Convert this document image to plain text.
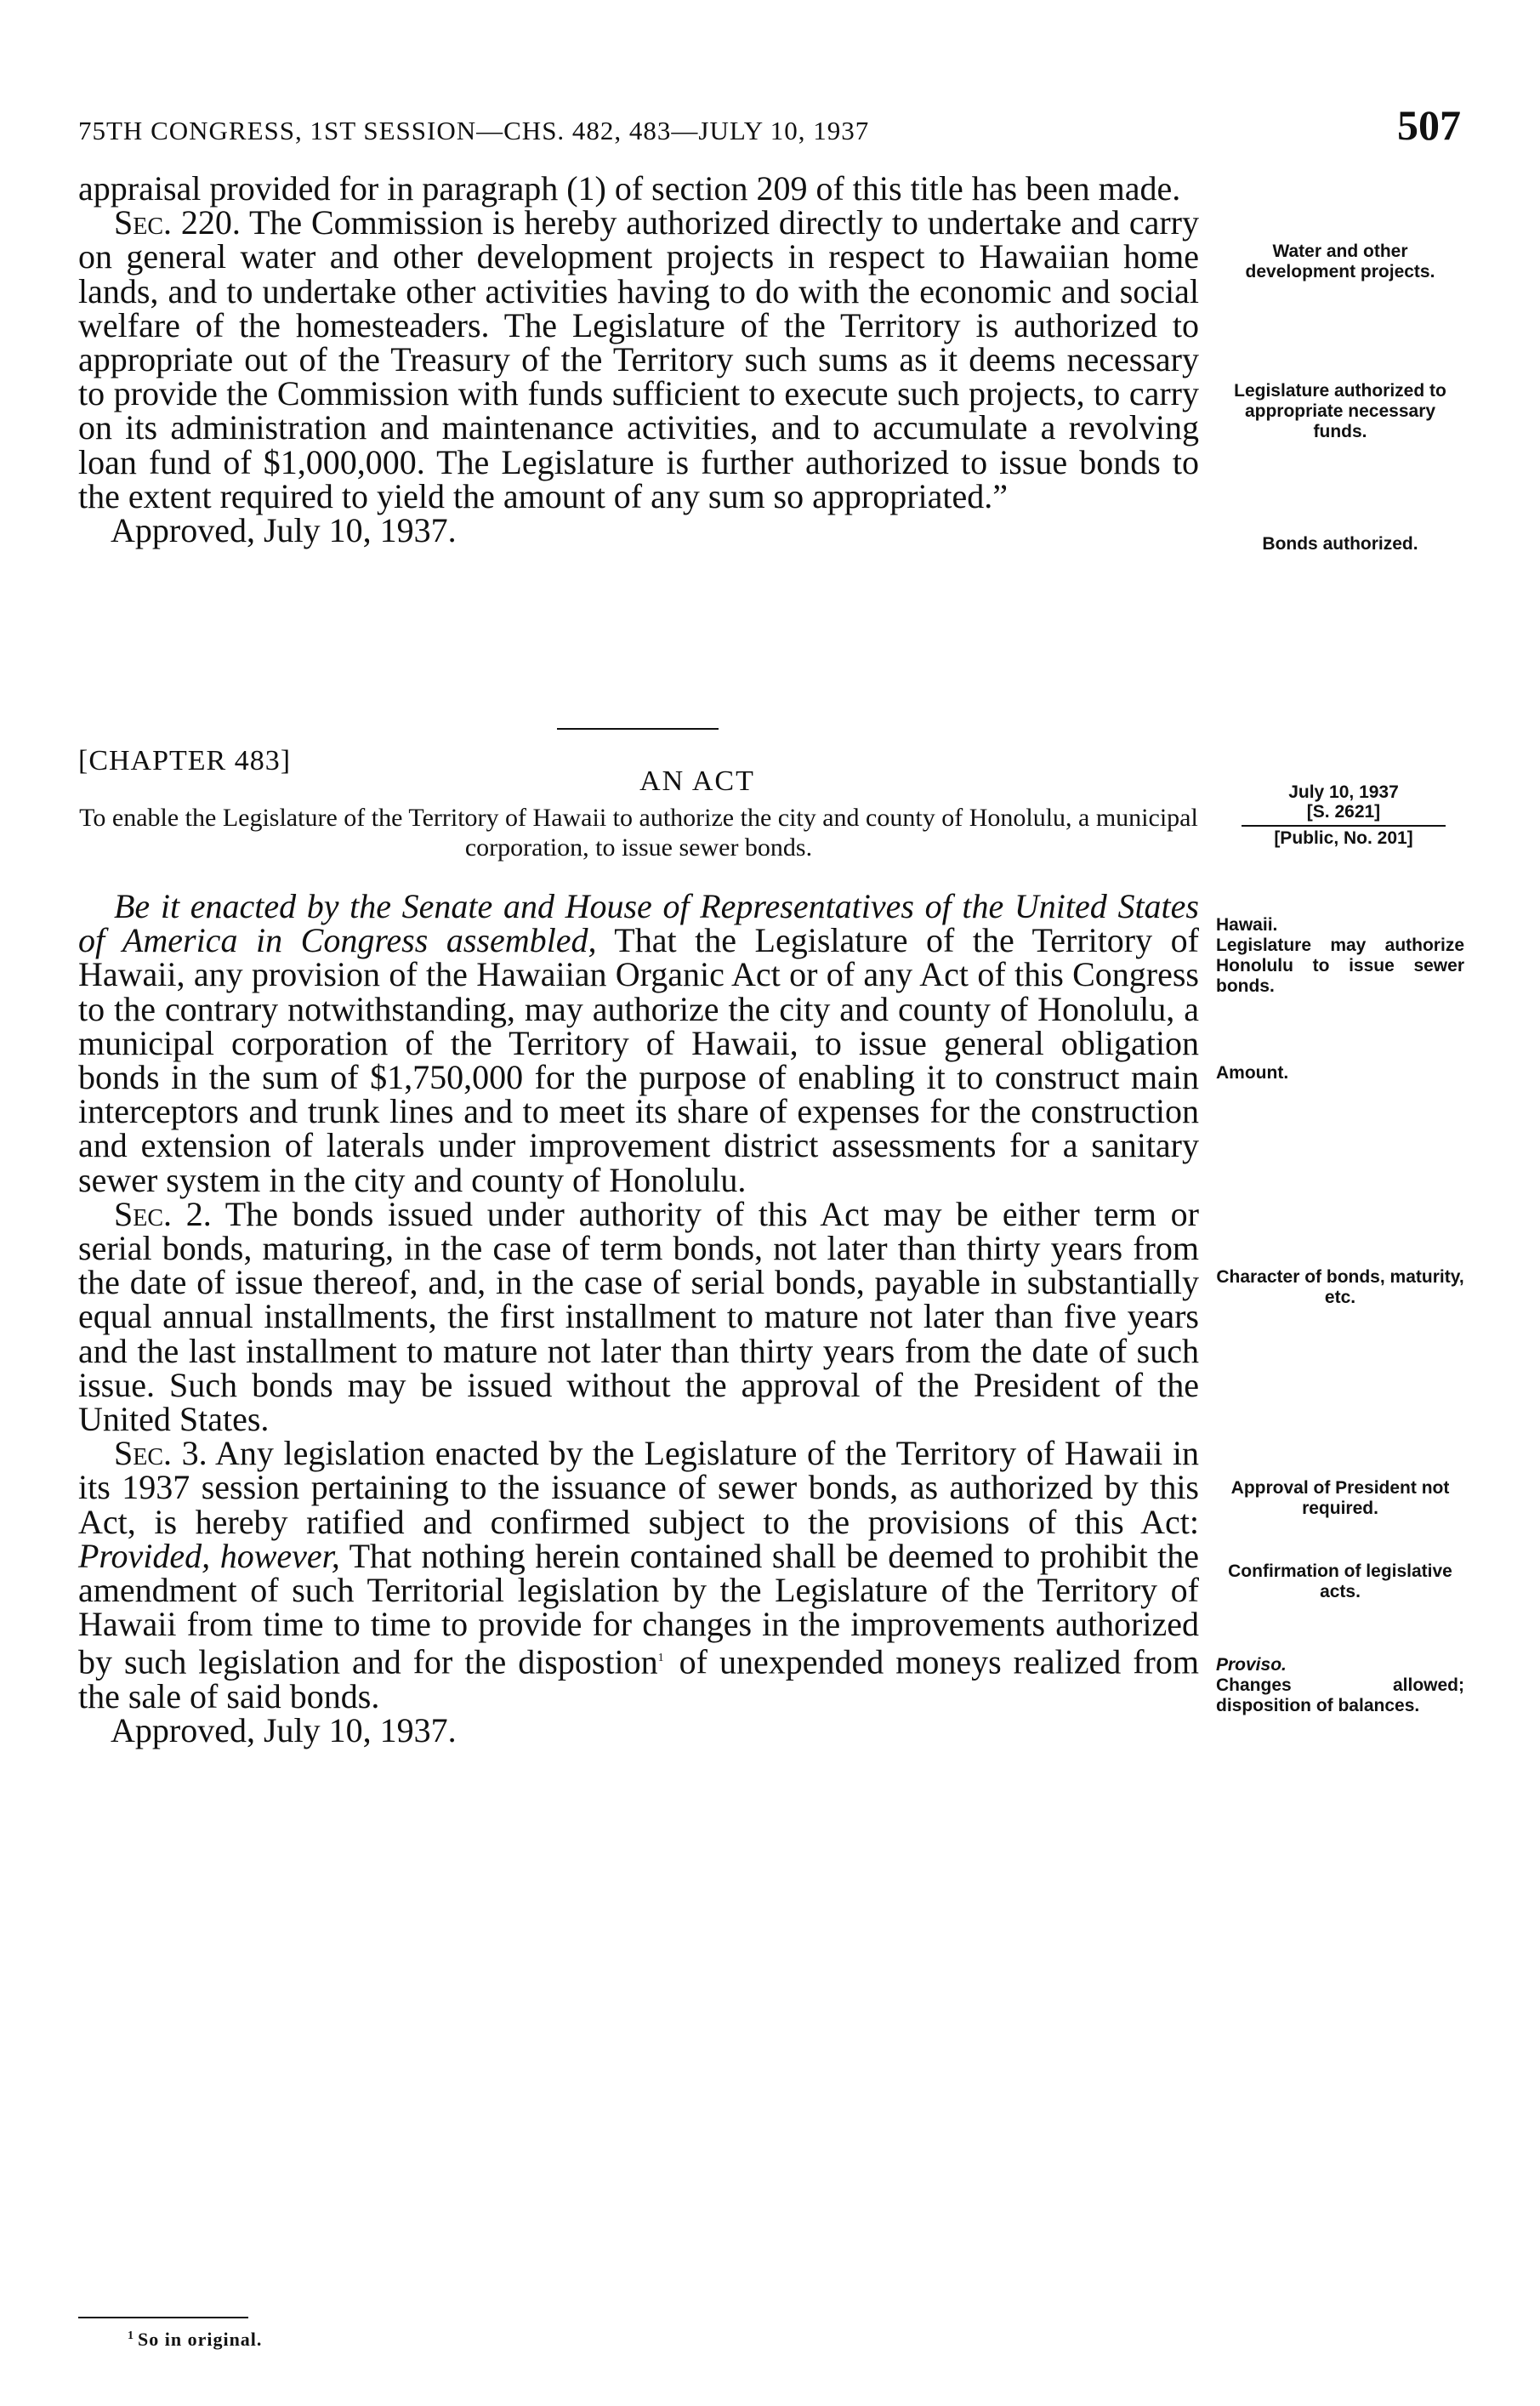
75TH CONGRESS, 1ST SESSION—CHS. 482, 483—JULY 10, 1937	507

appraisal provided for in paragraph (1) of section 209 of this title has been made.

Sec. 220. The Commission is hereby authorized directly to undertake and carry on general water and other development projects in respect to Hawaiian home lands, and to undertake other activities having to do with the economic and social welfare of the homesteaders. The Legislature of the Territory is authorized to appropriate out of the Treasury of the Territory such sums as it deems necessary to provide the Commission with funds sufficient to execute such projects, to carry on its administration and maintenance activities, and to accumulate a revolving loan fund of $1,000,000. The Legislature is further authorized to issue bonds to the extent required to yield the amount of any sum so appropriated.”

Approved, July 10, 1937.

Water and other development projects.
Legislature authorized to appropriate necessary funds.
Bonds authorized.
[CHAPTER 483]
AN ACT
To enable the Legislature of the Territory of Hawaii to authorize the city and county of Honolulu, a municipal corporation, to issue sewer bonds.
July 10, 1937
[S. 2621]
[Public, No. 201]

Be it enacted by the Senate and House of Representatives of the United States of America in Congress assembled, That the Legislature of the Territory of Hawaii, any provision of the Hawaiian Organic Act or of any Act of this Congress to the contrary notwithstanding, may authorize the city and county of Honolulu, a municipal corporation of the Territory of Hawaii, to issue general obligation bonds in the sum of $1,750,000 for the purpose of enabling it to construct main interceptors and trunk lines and to meet its share of expenses for the construction and extension of laterals under improvement district assessments for a sanitary sewer system in the city and county of Honolulu.

Sec. 2. The bonds issued under authority of this Act may be either term or serial bonds, maturing, in the case of term bonds, not later than thirty years from the date of issue thereof, and, in the case of serial bonds, payable in substantially equal annual installments, the first installment to mature not later than five years and the last installment to mature not later than thirty years from the date of such issue. Such bonds may be issued without the approval of the President of the United States.

Sec. 3. Any legislation enacted by the Legislature of the Territory of Hawaii in its 1937 session pertaining to the issuance of sewer bonds, as authorized by this Act, is hereby ratified and confirmed subject to the provisions of this Act: Provided, however, That nothing herein contained shall be deemed to prohibit the amendment of such Territorial legislation by the Legislature of the Territory of Hawaii from time to time to provide for changes in the improvements authorized by such legislation and for the dispostion$^1$ of unexpended moneys realized from the sale of said bonds.

Approved, July 10, 1937.

Hawaii.
Legislature may authorize Honolulu to issue sewer bonds.
Amount.
Character of bonds, maturity, etc.
Approval of President not required.
Confirmation of legislative acts.
Proviso.
Changes allowed; disposition of balances.
$^1$ So in original.
